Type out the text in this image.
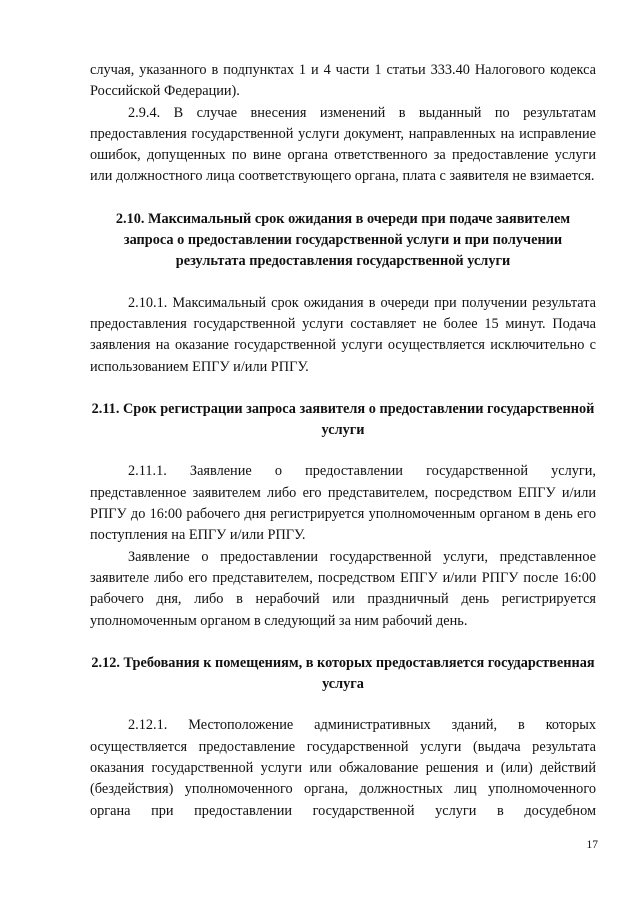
случая, указанного в подпунктах 1 и 4 части 1 статьи 333.40 Налогового кодекса Российской Федерации).

2.9.4. В случае внесения изменений в выданный по результатам предоставления государственной услуги документ, направленных на исправление ошибок, допущенных по вине органа ответственного за предоставление услуги или должностного лица соответствующего органа, плата с заявителя не взимается.

2.10. Максимальный срок ожидания в очереди при подаче заявителем запроса о предоставлении государственной услуги и при получении результата предоставления государственной услуги

2.10.1. Максимальный срок ожидания в очереди при получении результата предоставления государственной услуги составляет не более 15 минут. Подача заявления на оказание государственной услуги осуществляется исключительно с использованием ЕПГУ и/или РПГУ.

2.11. Срок регистрации запроса заявителя о предоставлении государственной услуги

2.11.1. Заявление о предоставлении государственной услуги, представленное заявителем либо его представителем, посредством ЕПГУ и/или РПГУ до 16:00 рабочего дня регистрируется уполномоченным органом в день его поступления на ЕПГУ и/или РПГУ.

Заявление о предоставлении государственной услуги, представленное заявителе либо его представителем, посредством ЕПГУ и/или РПГУ после 16:00 рабочего дня, либо в нерабочий или праздничный день регистрируется уполномоченным органом в следующий за ним рабочий день.

2.12. Требования к помещениям, в которых предоставляется государственная услуга

2.12.1. Местоположение административных зданий, в которых осуществляется предоставление государственной услуги (выдача результата оказания государственной услуги или обжалование решения и (или) действий (бездействия) уполномоченного органа, должностных лиц уполномоченного органа при предоставлении государственной услуги в досудебном

17
